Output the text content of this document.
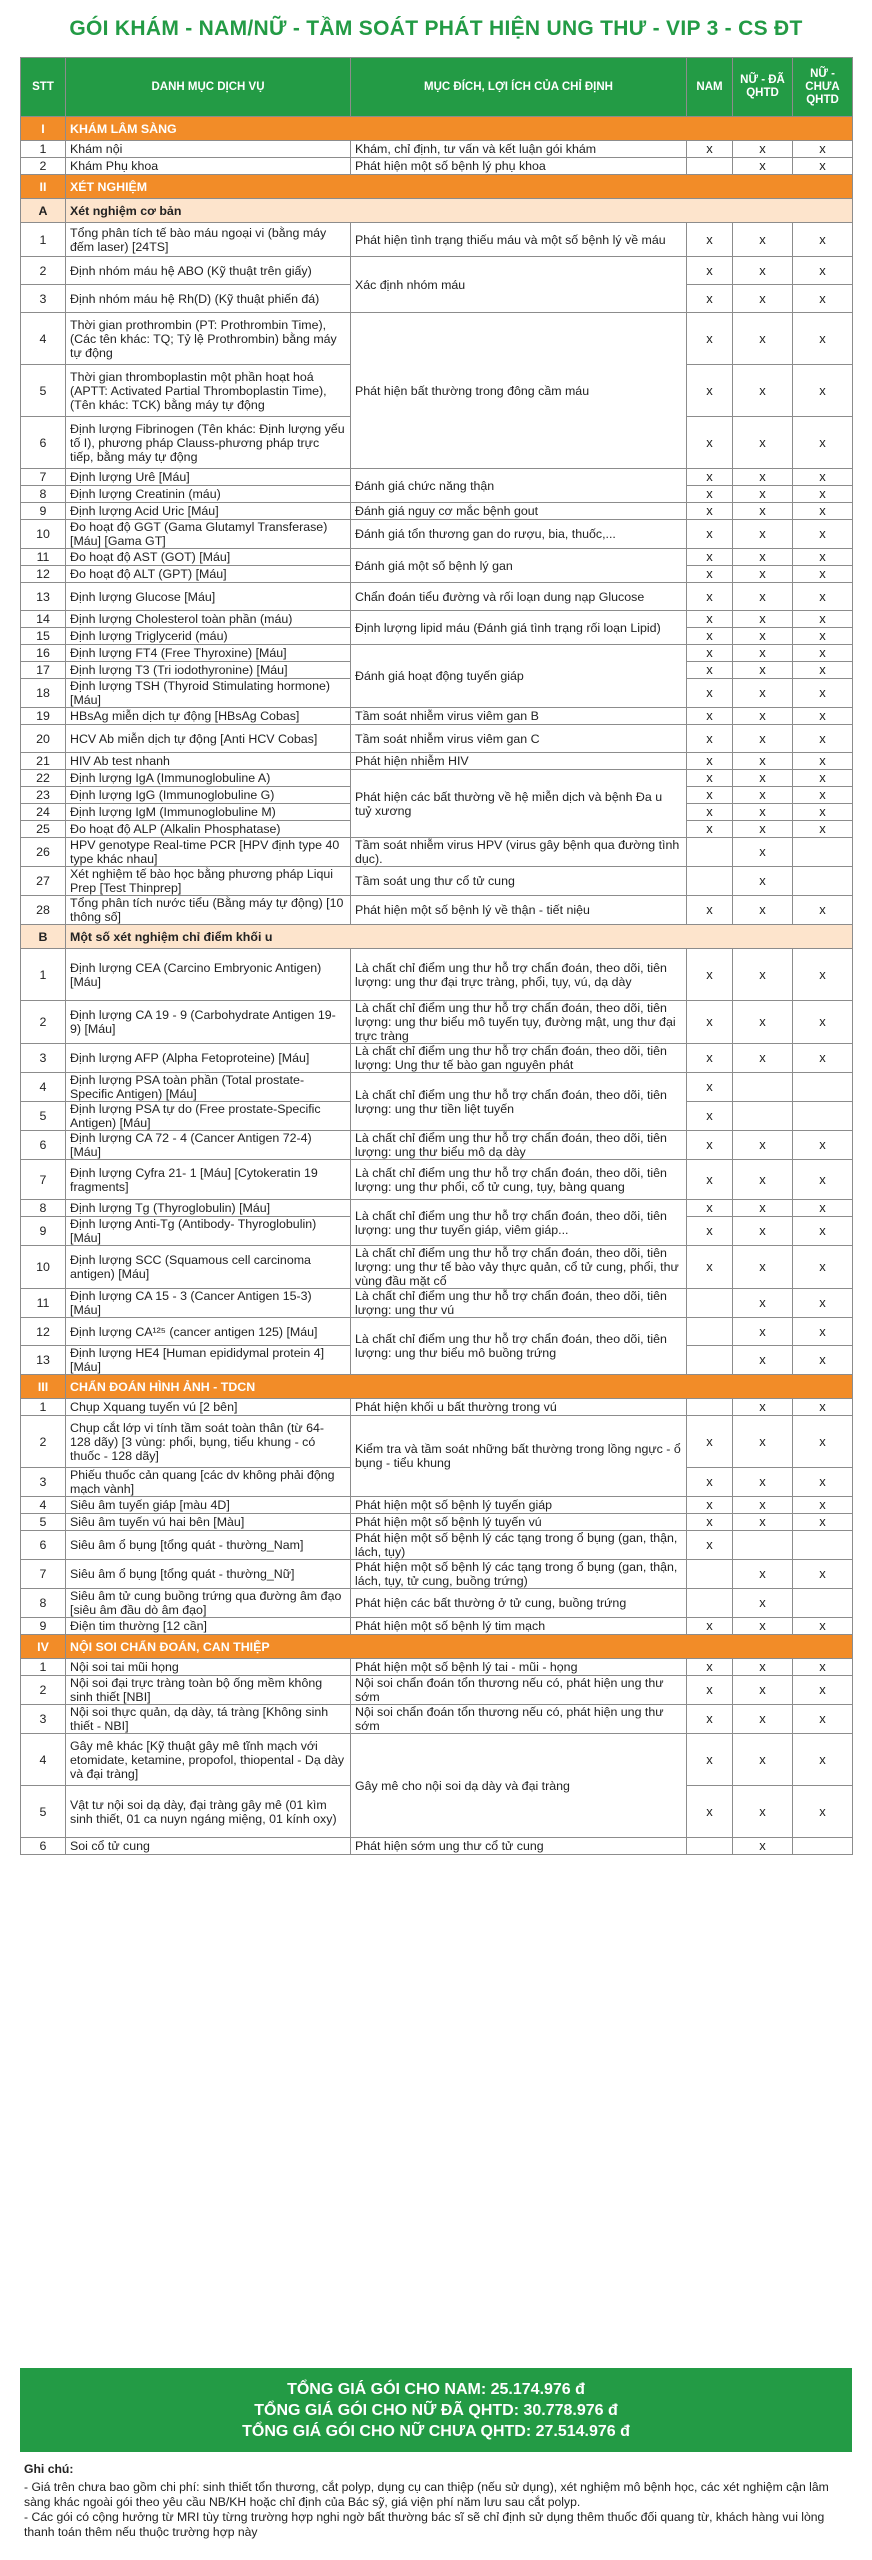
GÓI KHÁM - NAM/NỮ - TẦM SOÁT PHÁT HIỆN UNG THƯ - VIP 3 - CS ĐT
STT	DANH MỤC DỊCH VỤ	MỤC ĐÍCH, LỢI ÍCH CỦA CHỈ ĐỊNH	NAM	NỮ - ĐÃ QHTD	NỮ - CHƯA QHTD
I	KHÁM LÂM SÀNG				
1	Khám nội	Khám, chỉ định, tư vấn và kết luận gói khám	x	x	x
2	Khám Phụ khoa	Phát hiện một số bệnh lý phụ khoa		x	x
II	XÉT NGHIỆM				
A	Xét nghiệm cơ bản				
1	Tổng phân tích tế bào máu ngoại vi (bằng máy đếm laser) [24TS]	Phát hiện tình trạng thiếu máu và một số bệnh lý về máu	x	x	x
2	Định nhóm máu hệ ABO (Kỹ thuật trên giấy)	Xác định nhóm máu	x	x	x
3	Định nhóm máu hệ Rh(D) (Kỹ thuật phiến đá)		x	x	x
4	Thời gian prothrombin (PT: Prothrombin Time), (Các tên khác: TQ; Tỷ lệ Prothrombin) bằng máy tự động	Phát hiện bất thường trong đông cầm máu	x	x	x
5	Thời gian thromboplastin một phần hoạt hoá (APTT: Activated Partial Thromboplastin Time), (Tên khác: TCK) bằng máy tự động		x	x	x
6	Định lượng Fibrinogen (Tên khác: Định lượng yếu tố I), phương pháp Clauss-phương pháp trực tiếp, bằng máy tự động		x	x	x
7	Định lượng Urê [Máu]	Đánh giá chức năng thận	x	x	x
8	Định lượng Creatinin (máu)		x	x	x
9	Định lượng Acid Uric [Máu]	Đánh giá nguy cơ mắc bệnh gout	x	x	x
10	Đo hoạt độ GGT (Gama Glutamyl Transferase) [Máu] [Gama GT]	Đánh giá tổn thương gan do rượu, bia, thuốc,...	x	x	x
11	Đo hoạt độ AST (GOT) [Máu]	Đánh giá một số bệnh lý gan	x	x	x
12	Đo hoạt độ ALT (GPT) [Máu]		x	x	x
13	Định lượng Glucose [Máu]	Chẩn đoán tiểu đường và rối loạn dung nạp Glucose	x	x	x
14	Định lượng Cholesterol toàn phần (máu)	Định lượng lipid máu (Đánh giá tình trạng rối loạn Lipid)	x	x	x
15	Định lượng Triglycerid (máu)		x	x	x
16	Định lượng FT4 (Free Thyroxine) [Máu]	Đánh giá hoạt động tuyến giáp	x	x	x
17	Định lượng T3 (Tri iodothyronine) [Máu]		x	x	x
18	Định lượng TSH (Thyroid Stimulating hormone) [Máu]		x	x	x
19	HBsAg miễn dịch tự động [HBsAg Cobas]	Tầm soát nhiễm virus viêm gan B	x	x	x
20	HCV Ab miễn dịch tự động [Anti HCV Cobas]	Tầm soát nhiễm virus viêm gan C	x	x	x
21	HIV Ab test nhanh	Phát hiện nhiễm HIV	x	x	x
22	Định lượng IgA (Immunoglobuline A)	Phát hiện các bất thường về hệ miễn dịch và bệnh Đa u tuỷ xương	x	x	x
23	Định lượng IgG (Immunoglobuline G)		x	x	x
24	Định lượng IgM (Immunoglobuline M)		x	x	x
25	Đo hoạt độ ALP (Alkalin Phosphatase)		x	x	x
26	HPV genotype Real-time PCR [HPV định type 40 type khác nhau]	Tầm soát nhiễm virus HPV (virus gây bệnh qua đường tình dục).		x	
27	Xét nghiệm tế bào học bằng phương pháp Liqui Prep [Test Thinprep]	Tầm soát ung thư cổ tử cung		x	
28	Tổng phân tích nước tiểu (Bằng máy tự động) [10 thông số]	Phát hiện một số bệnh lý về thận - tiết niệu	x	x	x
B	Một số xét nghiệm chỉ điểm khối u				
1	Định lượng CEA (Carcino Embryonic Antigen) [Máu]	Là chất chỉ điểm ung thư hỗ trợ chẩn đoán, theo dõi, tiên lượng: ung thư đại trực tràng, phổi, tụy, vú, dạ dày	x	x	x
2	Định lượng CA 19 - 9 (Carbohydrate Antigen 19-9) [Máu]	Là chất chỉ điểm ung thư hỗ trợ chẩn đoán, theo dõi, tiên lượng: ung thư biểu mô tuyến tụy, đường mật, ung thư đại trực tràng	x	x	x
3	Định lượng AFP (Alpha Fetoproteine) [Máu]	Là chất chỉ điểm ung thư hỗ trợ chẩn đoán, theo dõi, tiên lượng: Ung thư tế bào gan nguyên phát	x	x	x
4	Định lượng PSA toàn phần (Total prostate-Specific Antigen) [Máu]	Là chất chỉ điểm ung thư hỗ trợ chẩn đoán, theo dõi, tiên lượng: ung thư tiền liệt tuyến	x		
5	Định lượng PSA tự do (Free prostate-Specific Antigen) [Máu]		x		
6	Định lượng CA 72 - 4 (Cancer Antigen 72-4) [Máu]	Là chất chỉ điểm ung thư hỗ trợ chẩn đoán, theo dõi, tiên lượng: ung thư biểu mô dạ dày	x	x	x
7	Định lượng Cyfra 21- 1 [Máu] [Cytokeratin 19 fragments]	Là chất chỉ điểm ung thư hỗ trợ chẩn đoán, theo dõi, tiên lượng: ung thư phổi, cổ tử cung, tụy, bàng quang	x	x	x
8	Định lượng Tg (Thyroglobulin) [Máu]	Là chất chỉ điểm ung thư hỗ trợ chẩn đoán, theo dõi, tiên lượng: ung thư tuyến giáp, viêm giáp...	x	x	x
9	Định lượng Anti-Tg (Antibody- Thyroglobulin) [Máu]		x	x	x
10	Định lượng SCC (Squamous cell carcinoma antigen) [Máu]	Là chất chỉ điểm ung thư hỗ trợ chẩn đoán, theo dõi, tiên lượng: ung thư tế bào vảy thực quản, cổ tử cung, phổi, thư vùng đầu mặt cổ	x	x	x
11	Định lượng CA 15 - 3 (Cancer Antigen 15-3) [Máu]	Là chất chỉ điểm ung thư hỗ trợ chẩn đoán, theo dõi, tiên lượng: ung thư vú		x	x
12	Định lượng CA¹²⁵ (cancer antigen 125) [Máu]	Là chất chỉ điểm ung thư hỗ trợ chẩn đoán, theo dõi, tiên lượng: ung thư biểu mô buồng trứng		x	x
13	Định lượng HE4 [Human epididymal protein 4] [Máu]			x	x
III	CHẨN ĐOÁN HÌNH ẢNH - TDCN				
1	Chụp Xquang tuyến vú [2 bên]	Phát hiện khối u bất thường trong vú		x	x
2	Chụp cắt lớp vi tính tầm soát toàn thân (từ 64- 128 dãy) [3 vùng: phổi, bụng, tiểu khung - có thuốc - 128 dãy]	Kiểm tra và tầm soát những bất thường trong lồng ngực - ổ bụng - tiểu khung	x	x	x
3	Phiếu thuốc cản quang [các dv không phải động mạch vành]		x	x	x
4	Siêu âm tuyến giáp [màu 4D]	Phát hiện một số bệnh lý tuyến giáp	x	x	x
5	Siêu âm tuyến vú hai bên [Màu]	Phát hiện một số bệnh lý tuyến vú	x	x	x
6	Siêu âm ổ bụng [tổng quát - thường_Nam]	Phát hiện một số bệnh lý các tạng trong ổ bụng (gan, thận, lách, tụy)	x		
7	Siêu âm ổ bụng [tổng quát - thường_Nữ]	Phát hiện một số bệnh lý các tạng trong ổ bụng (gan, thận, lách, tụy, tử cung, buồng trứng)		x	x
8	Siêu âm tử cung buồng trứng qua đường âm đạo [siêu âm đầu dò âm đạo]	Phát hiện các bất thường ở tử cung, buồng trứng		x	
9	Điện tim thường [12 cần]	Phát hiện một số bệnh lý tim mạch	x	x	x
IV	NỘI SOI CHẨN ĐOÁN, CAN THIỆP				
1	Nội soi tai mũi họng	Phát hiện một số bệnh lý tai - mũi - họng	x	x	x
2	Nội soi đại trực tràng toàn bộ ống mềm không sinh thiết [NBI]	Nội soi chẩn đoán tổn thương nếu có, phát hiện ung thư sớm	x	x	x
3	Nội soi thực quản, dạ dày, tá tràng [Không sinh thiết - NBI]	Nội soi chẩn đoán tổn thương nếu có, phát hiện ung thư sớm	x	x	x
4	Gây mê khác [Kỹ thuật gây mê tĩnh mạch với etomidate, ketamine, propofol, thiopental - Dạ dày và đại tràng]	Gây mê cho nội soi dạ dày và đại tràng	x	x	x
5	Vật tư nội soi dạ dày, đại tràng gây mê (01 kìm sinh thiết, 01 ca nuyn ngáng miệng, 01 kính oxy)		x	x	x
6	Soi cổ tử cung	Phát hiện sớm ung thư cổ tử cung		x	
TỔNG GIÁ GÓI CHO NAM: 25.174.976 đ
TỔNG GIÁ GÓI CHO NỮ ĐÃ QHTD: 30.778.976 đ
TỔNG GIÁ GÓI CHO NỮ CHƯA QHTD: 27.514.976 đ
Ghi chú:
- Giá trên chưa bao gồm chi phí: sinh thiết tổn thương, cắt polyp, dụng cụ can thiệp (nếu sử dụng), xét nghiệm mô bệnh học, các xét nghiệm cận lâm sàng khác ngoài gói theo yêu cầu NB/KH hoặc chỉ định của Bác sỹ, giá viện phí năm lưu sau cắt polyp.
- Các gói có cộng hưởng từ MRI tùy từng trường hợp nghi ngờ bất thường bác sĩ sẽ chỉ định sử dụng thêm thuốc đối quang từ, khách hàng vui lòng thanh toán thêm nếu thuộc trường hợp này
